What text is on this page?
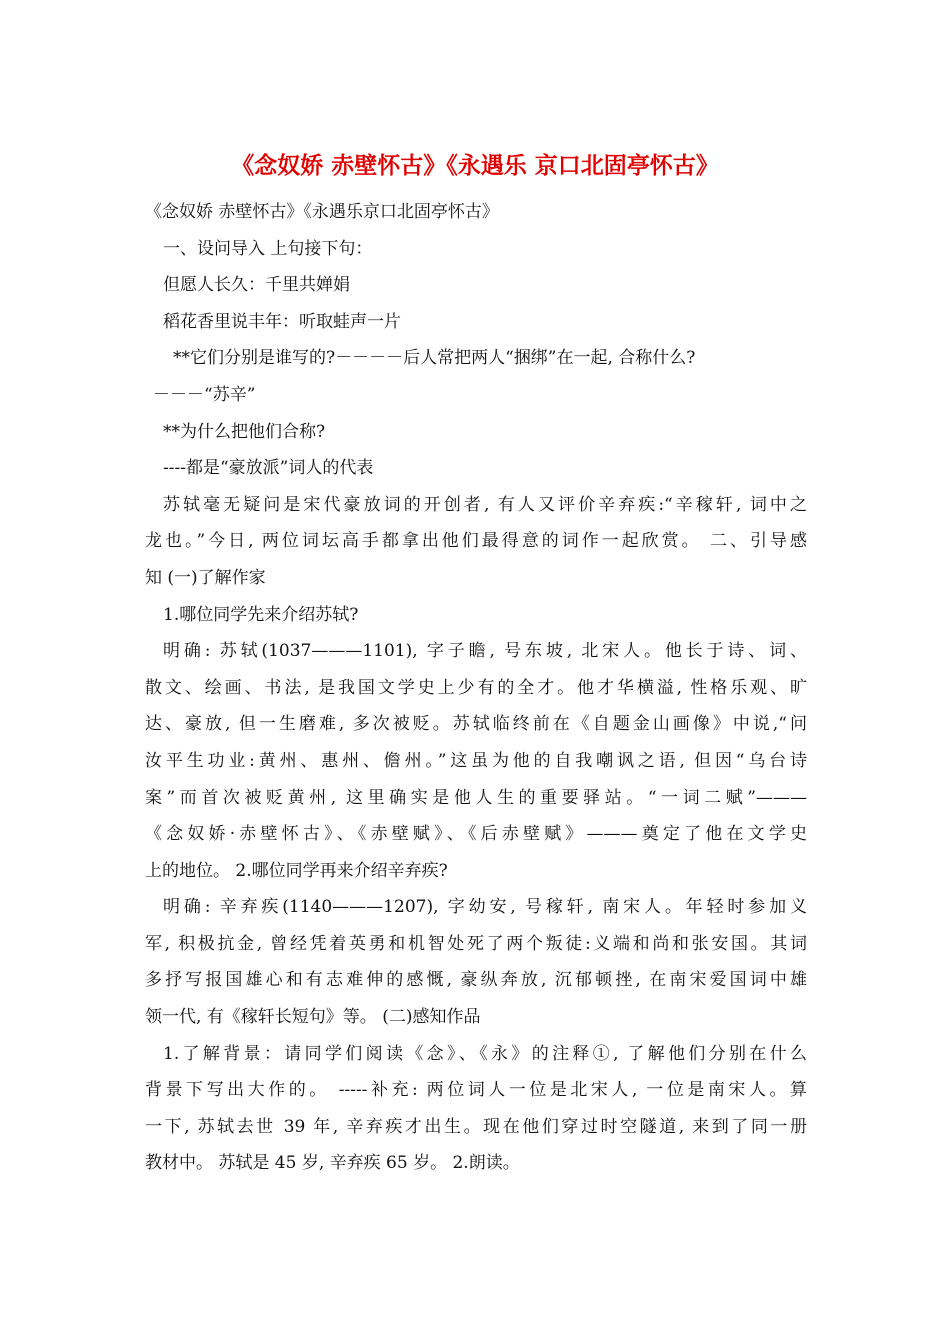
《念奴娇 赤壁怀古》《永遇乐 京口北固亭怀古》
《念奴娇 赤壁怀古》《永遇乐京口北固亭怀古》
一、设问导入 上句接下句：
但愿人长久：千里共婵娟
稻花香里说丰年：听取蛙声一片
**它们分别是谁写的?－－－－后人常把两人“捆绑”在一起, 合称什么?
－－－“苏辛”
**为什么把他们合称?
----都是“豪放派”词人的代表
苏轼毫无疑问是宋代豪放词的开创者, 有人又评价辛弃疾:“辛稼轩, 词中之
龙也。”今日, 两位词坛高手都拿出他们最得意的词作一起欣赏。 二、引导感
知 (一)了解作家
1.哪位同学先来介绍苏轼?
明确: 苏轼(1037———1101), 字子瞻, 号东坡, 北宋人。他长于诗、词、
散文、绘画、书法, 是我国文学史上少有的全才。他才华横溢, 性格乐观、旷
达、豪放, 但一生磨难, 多次被贬。苏轼临终前在《自题金山画像》中说,“问
汝平生功业:黄州、惠州、儋州。”这虽为他的自我嘲讽之语, 但因“乌台诗
案”而首次被贬黄州, 这里确实是他人生的重要驿站。“一词二赋”———
《念奴娇·赤壁怀古》、《赤壁赋》、《后赤壁赋》———奠定了他在文学史
上的地位。 2.哪位同学再来介绍辛弃疾?
明确: 辛弃疾(1140———1207), 字幼安, 号稼轩, 南宋人。年轻时参加义
军, 积极抗金, 曾经凭着英勇和机智处死了两个叛徒:义端和尚和张安国。其词
多抒写报国雄心和有志难伸的感慨, 豪纵奔放, 沉郁顿挫, 在南宋爱国词中雄
领一代, 有《稼轩长短句》等。 (二)感知作品
1.了解背景：请同学们阅读《念》、《永》的注释①, 了解他们分别在什么
背景下写出大作的。 -----补充: 两位词人一位是北宋人, 一位是南宋人。算
一下, 苏轼去世 39 年, 辛弃疾才出生。现在他们穿过时空隧道, 来到了同一册
教材中。 苏轼是 45 岁, 辛弃疾 65 岁。 2.朗读。
